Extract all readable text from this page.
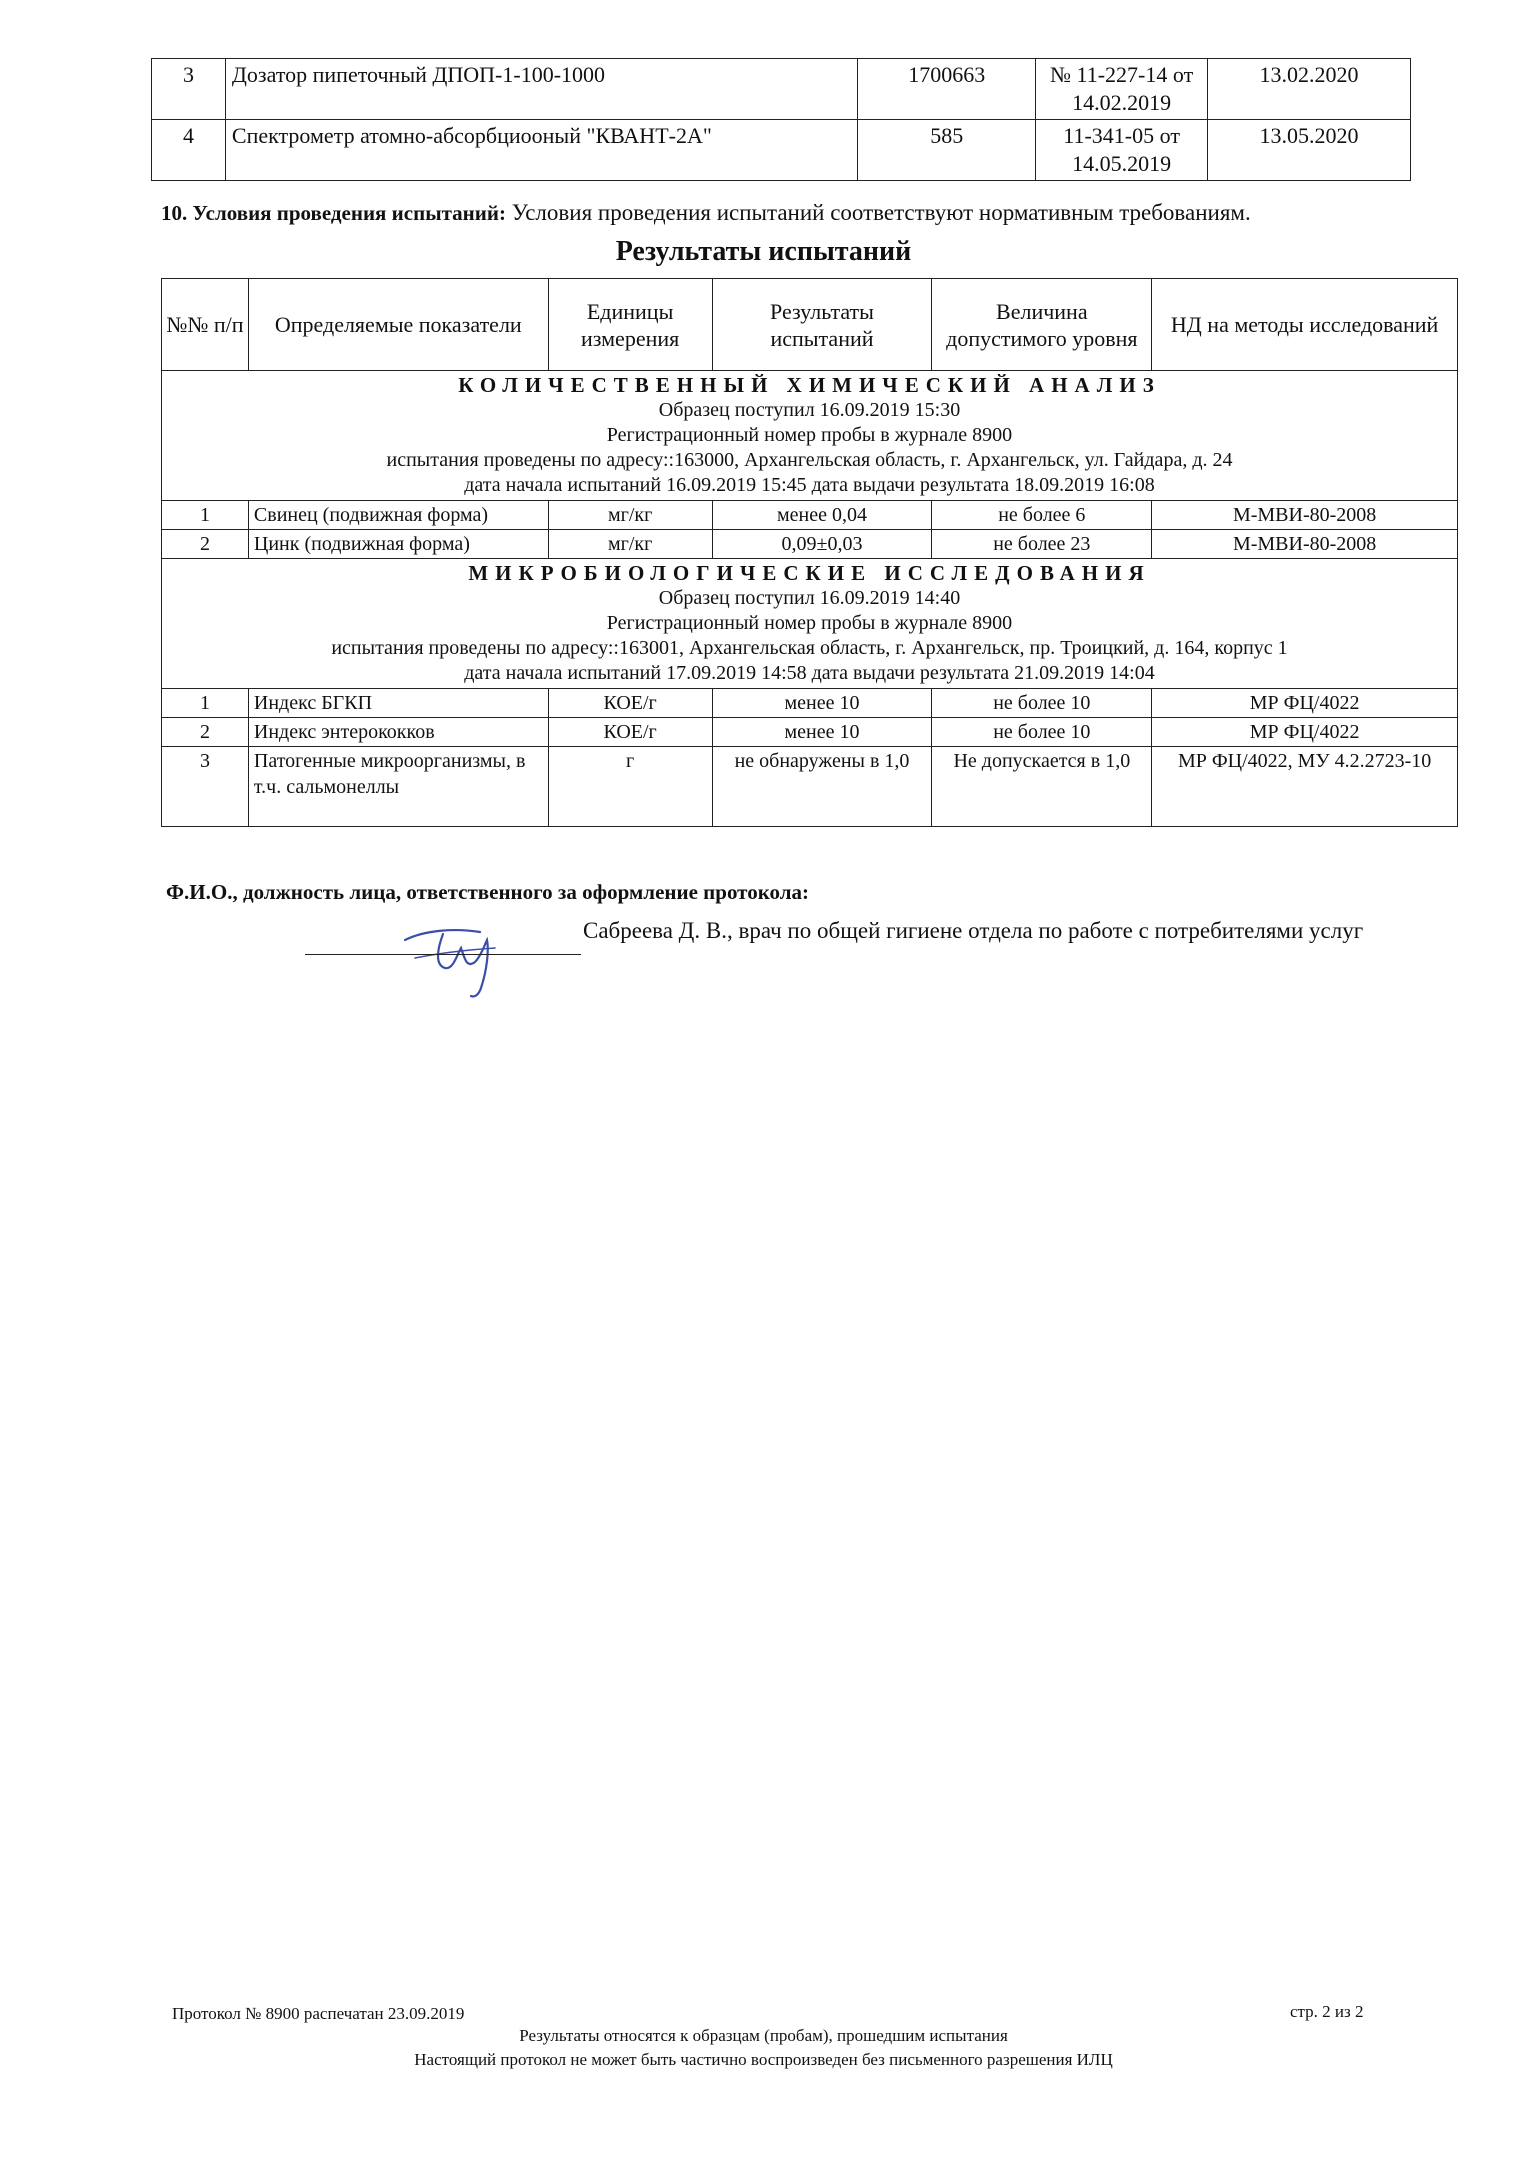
3	Дозатор пипеточный ДПОП-1-100-1000	1700663	№ 11-227-14 от 14.02.2019	13.02.2020
4	Спектрометр атомно-абсорбциооный "КВАНТ-2А"	585	11-341-05 от 14.05.2019	13.05.2020
10. Условия проведения испытаний: Условия проведения испытаний соответствуют нормативным требованиям.
Результаты испытаний
№№ п/п	Определяемые показатели	Единицы измерения	Результаты испытаний	Величина допустимого уровня	НД на методы исследований

КОЛИЧЕСТВЕННЫЙ ХИМИЧЕСКИЙ АНАЛИЗ
Образец поступил 16.09.2019 15:30
Регистрационный номер пробы в журнале 8900
испытания проведены по адресу::163000, Архангельская область, г. Архангельск, ул. Гайдара, д. 24
дата начала испытаний 16.09.2019 15:45 дата выдачи результата 18.09.2019 16:08					

1	Свинец (подвижная форма)	мг/кг	менее 0,04	не более 6	М-МВИ-80-2008
2	Цинк (подвижная форма)	мг/кг	0,09±0,03	не более 23	М-МВИ-80-2008

МИКРОБИОЛОГИЧЕСКИЕ ИССЛЕДОВАНИЯ
Образец поступил 16.09.2019 14:40
Регистрационный номер пробы в журнале 8900
испытания проведены по адресу::163001, Архангельская область, г. Архангельск, пр. Троицкий, д. 164, корпус 1
дата начала испытаний 17.09.2019 14:58 дата выдачи результата 21.09.2019 14:04					

1	Индекс БГКП	КОЕ/г	менее 10	не более 10	МР ФЦ/4022
2	Индекс энтерококков	КОЕ/г	менее 10	не более 10	МР ФЦ/4022
3	Патогенные микроорганизмы, в т.ч. сальмонеллы	г	не обнаружены в 1,0	Не допускается в 1,0	МР ФЦ/4022, МУ 4.2.2723-10
Ф.И.О., должность лица, ответственного за оформление протокола:
Сабреева Д. В., врач по общей гигиене отдела по работе с потребителями услуг
Протокол № 8900 распечатан 23.09.2019	стр. 2 из 2
Результаты относятся к образцам (пробам), прошедшим испытания
Настоящий протокол не может быть частично воспроизведен без письменного разрешения ИЛЦ
